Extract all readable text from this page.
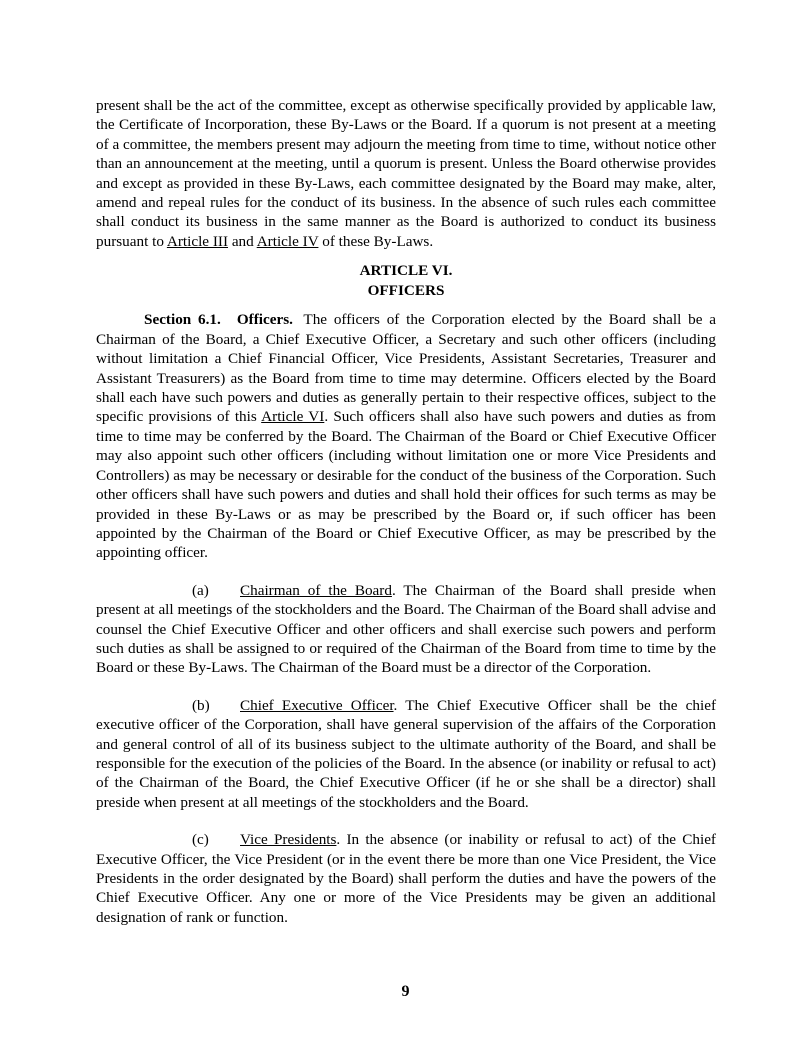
present shall be the act of the committee, except as otherwise specifically provided by applicable law, the Certificate of Incorporation, these By-Laws or the Board. If a quorum is not present at a meeting of a committee, the members present may adjourn the meeting from time to time, without notice other than an announcement at the meeting, until a quorum is present. Unless the Board otherwise provides and except as provided in these By-Laws, each committee designated by the Board may make, alter, amend and repeal rules for the conduct of its business. In the absence of such rules each committee shall conduct its business in the same manner as the Board is authorized to conduct its business pursuant to Article III and Article IV of these By-Laws.

ARTICLE VI.

OFFICERS

Section 6.1. Officers. The officers of the Corporation elected by the Board shall be a Chairman of the Board, a Chief Executive Officer, a Secretary and such other officers (including without limitation a Chief Financial Officer, Vice Presidents, Assistant Secretaries, Treasurer and Assistant Treasurers) as the Board from time to time may determine. Officers elected by the Board shall each have such powers and duties as generally pertain to their respective offices, subject to the specific provisions of this Article VI. Such officers shall also have such powers and duties as from time to time may be conferred by the Board. The Chairman of the Board or Chief Executive Officer may also appoint such other officers (including without limitation one or more Vice Presidents and Controllers) as may be necessary or desirable for the conduct of the business of the Corporation. Such other officers shall have such powers and duties and shall hold their offices for such terms as may be provided in these By-Laws or as may be prescribed by the Board or, if such officer has been appointed by the Chairman of the Board or Chief Executive Officer, as may be prescribed by the appointing officer.

(a) Chairman of the Board. The Chairman of the Board shall preside when present at all meetings of the stockholders and the Board. The Chairman of the Board shall advise and counsel the Chief Executive Officer and other officers and shall exercise such powers and perform such duties as shall be assigned to or required of the Chairman of the Board from time to time by the Board or these By-Laws. The Chairman of the Board must be a director of the Corporation.

(b) Chief Executive Officer. The Chief Executive Officer shall be the chief executive officer of the Corporation, shall have general supervision of the affairs of the Corporation and general control of all of its business subject to the ultimate authority of the Board, and shall be responsible for the execution of the policies of the Board. In the absence (or inability or refusal to act) of the Chairman of the Board, the Chief Executive Officer (if he or she shall be a director) shall preside when present at all meetings of the stockholders and the Board.

(c) Vice Presidents. In the absence (or inability or refusal to act) of the Chief Executive Officer, the Vice President (or in the event there be more than one Vice President, the Vice Presidents in the order designated by the Board) shall perform the duties and have the powers of the Chief Executive Officer. Any one or more of the Vice Presidents may be given an additional designation of rank or function.

9
